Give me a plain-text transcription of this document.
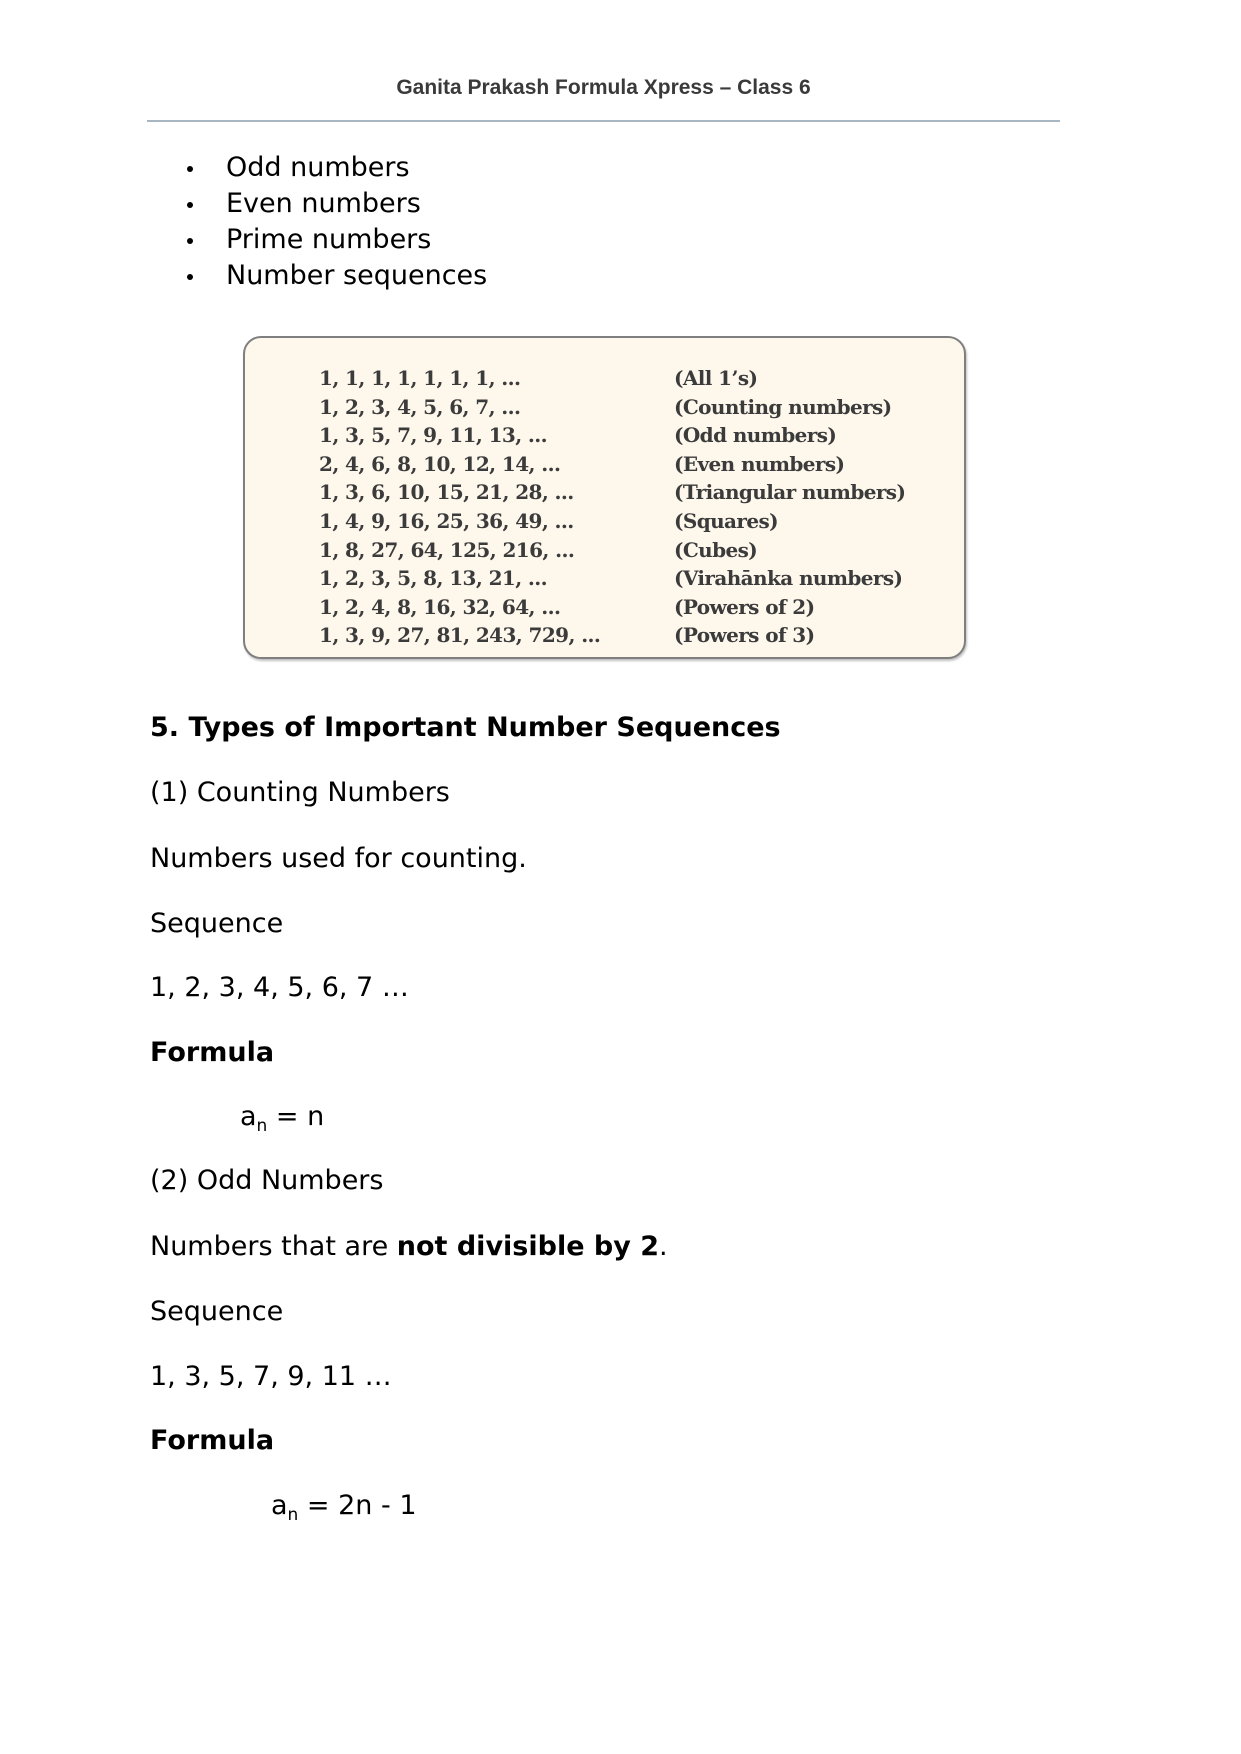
Ganita Prakash Formula Xpress – Class 6
Odd numbers
Even numbers
Prime numbers
Number sequences
1, 1, 1, 1, 1, 1, 1, ...	(All 1’s)
1, 2, 3, 4, 5, 6, 7, ...	(Counting numbers)
1, 3, 5, 7, 9, 11, 13, ...	(Odd numbers)
2, 4, 6, 8, 10, 12, 14, ...	(Even numbers)
1, 3, 6, 10, 15, 21, 28, ...	(Triangular numbers)
1, 4, 9, 16, 25, 36, 49, ...	(Squares)
1, 8, 27, 64, 125, 216, ...	(Cubes)
1, 2, 3, 5, 8, 13, 21, ...	(Virahānka numbers)
1, 2, 4, 8, 16, 32, 64, ...	(Powers of 2)
1, 3, 9, 27, 81, 243, 729, ...	(Powers of 3)
5. Types of Important Number Sequences
(1) Counting Numbers
Numbers used for counting.
Sequence
1, 2, 3, 4, 5, 6, 7 …
Formula
$a_n = n$
(2) Odd Numbers
Numbers that are not divisible by 2.
Sequence
1, 3, 5, 7, 9, 11 …
Formula
$a_n = 2n - 1$
